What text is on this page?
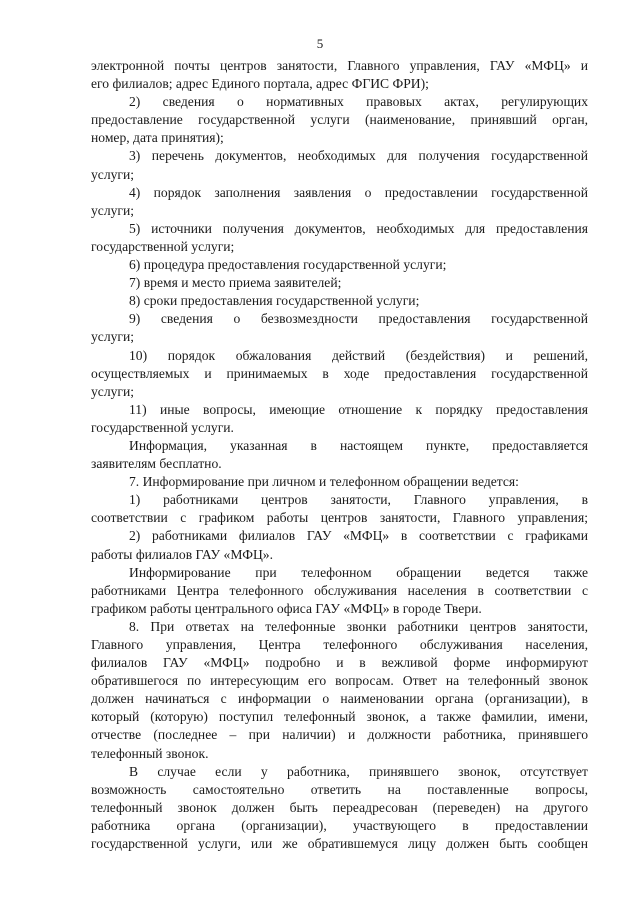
5
электронной почты центров занятости, Главного управления, ГАУ «МФЦ» и
его филиалов; адрес Единого портала, адрес ФГИС ФРИ);
2) сведения о нормативных правовых актах, регулирующих
предоставление государственной услуги (наименование, принявший орган,
номер, дата принятия);
3) перечень документов, необходимых для получения государственной
услуги;
4) порядок заполнения заявления о предоставлении государственной
услуги;
5) источники получения документов, необходимых для предоставления
государственной услуги;
6) процедура предоставления государственной услуги;
7) время и место приема заявителей;
8) сроки предоставления государственной услуги;
9) сведения о безвозмездности предоставления государственной
услуги;
10) порядок обжалования действий (бездействия) и решений,
осуществляемых и принимаемых в ходе предоставления государственной
услуги;
11) иные вопросы, имеющие отношение к порядку предоставления
государственной услуги.
Информация, указанная в настоящем пункте, предоставляется
заявителям бесплатно.
7. Информирование при личном и телефонном обращении ведется:
1) работниками центров занятости, Главного управления, в
соответствии с графиком работы центров занятости, Главного управления;
2) работниками филиалов ГАУ «МФЦ» в соответствии с графиками
работы филиалов ГАУ «МФЦ».
Информирование при телефонном обращении ведется также
работниками Центра телефонного обслуживания населения в соответствии с
графиком работы центрального офиса ГАУ «МФЦ» в городе Твери.
8. При ответах на телефонные звонки работники центров занятости,
Главного управления, Центра телефонного обслуживания населения,
филиалов ГАУ «МФЦ» подробно и в вежливой форме информируют
обратившегося по интересующим его вопросам. Ответ на телефонный звонок
должен начинаться с информации о наименовании органа (организации), в
который (которую) поступил телефонный звонок, а также фамилии, имени,
отчестве (последнее – при наличии) и должности работника, принявшего
телефонный звонок.
В случае если у работника, принявшего звонок, отсутствует
возможность самостоятельно ответить на поставленные вопросы,
телефонный звонок должен быть переадресован (переведен) на другого
работника органа (организации), участвующего в предоставлении
государственной услуги, или же обратившемуся лицу должен быть сообщен
